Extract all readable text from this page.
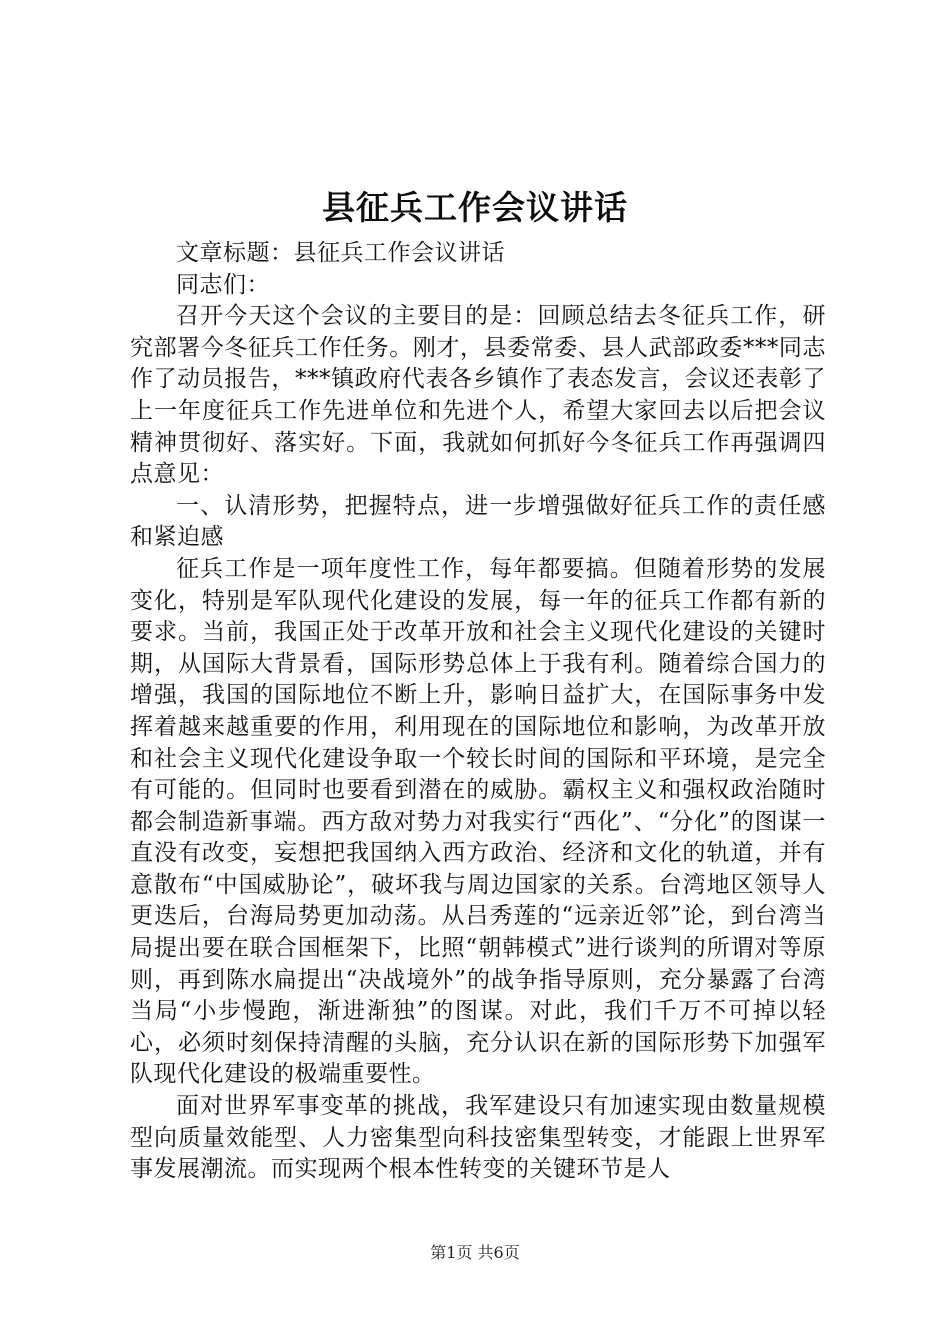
县征兵工作会议讲话

文章标题：县征兵工作会议讲话

同志们：

召开今天这个会议的主要目的是：回顾总结去冬征兵工作，研究部署今冬征兵工作任务。刚才，县委常委、县人武部政委***同志作了动员报告，***镇政府代表各乡镇作了表态发言，会议还表彰了上一年度征兵工作先进单位和先进个人，希望大家回去以后把会议精神贯彻好、落实好。下面，我就如何抓好今冬征兵工作再强调四点意见：

一、认清形势，把握特点，进一步增强做好征兵工作的责任感和紧迫感

征兵工作是一项年度性工作，每年都要搞。但随着形势的发展变化，特别是军队现代化建设的发展，每一年的征兵工作都有新的要求。当前，我国正处于改革开放和社会主义现代化建设的关键时期，从国际大背景看，国际形势总体上于我有利。随着综合国力的增强，我国的国际地位不断上升，影响日益扩大，在国际事务中发挥着越来越重要的作用，利用现在的国际地位和影响，为改革开放和社会主义现代化建设争取一个较长时间的国际和平环境，是完全有可能的。但同时也要看到潜在的威胁。霸权主义和强权政治随时都会制造新事端。西方敌对势力对我实行“西化”、“分化”的图谋一直没有改变，妄想把我国纳入西方政治、经济和文化的轨道，并有意散布“中国威胁论”，破坏我与周边国家的关系。台湾地区领导人更迭后，台海局势更加动荡。从吕秀莲的“远亲近邻”论，到台湾当局提出要在联合国框架下，比照“朝韩模式”进行谈判的所谓对等原则，再到陈水扁提出“决战境外”的战争指导原则，充分暴露了台湾当局“小步慢跑，渐进渐独”的图谋。对此，我们千万不可掉以轻心，必须时刻保持清醒的头脑，充分认识在新的国际形势下加强军队现代化建设的极端重要性。

面对世界军事变革的挑战，我军建设只有加速实现由数量规模型向质量效能型、人力密集型向科技密集型转变，才能跟上世界军事发展潮流。而实现两个根本性转变的关键环节是人

第1页 共6页
